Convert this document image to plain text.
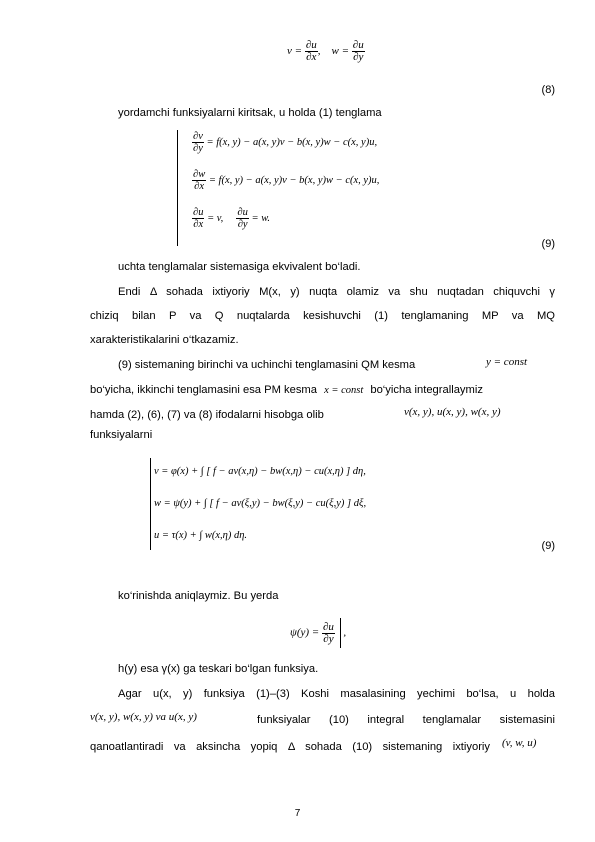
$v = \frac{\partial u}{\partial x}$ ,    $w = \frac{\partial u}{\partial y}$
(8)
yordamchi funksiyalarni kiritsak, u holda (1) tenglama
$\frac{\partial v}{\partial y} = f(x$, y) − a(x, y)v − b(x, y)w − c(x, y)u,
$\frac{\partial w}{\partial x} = f(x$, y) − a(x, y)v − b(x, y)w − c(x, y)u,
$\frac{\partial u}{\partial x} = v$, $\frac{\partial u}{\partial y} = w$.
(9)
uchta tenglamalar sistemasiga ekvivalent bo‘ladi.
Endi Δ sohada ixtiyoriy M(x, y) nuqta olamiz va shu nuqtadan chiquvchi γ
chiziq bilan P va Q nuqtalarda kesishuvchi (1) tenglamaning MP va MQ
xarakteristikalarini o‘tkazamiz.
(9) sistemaning birinchi va uchinchi tenglamasini QM kesma	y = const
bo‘yicha, ikkinchi tenglamasini esa PM kesma x = const bo‘yicha integrallaymiz
hamda (2), (6), (7) va (8) ifodalarni hisobga olib	v(x, y), u(x, y), w(x, y)
funksiyalarni
v = φ(x) + ∫ [ f − av(x,η) − bw(x,η) − cu(x,η) ] dη,
w = ψ(y) + ∫ [ f − av(ξ,y) − bw(ξ,y) − cu(ξ,y) ] dξ,
u = τ(x) + ∫ w(x,η) dη.
(9)
ko‘rinishda aniqlaymiz. Bu yerda
$\psi(y) = \frac{\partial u}{\partial y}$ ,
h(y) esa γ(x) ga teskari bo‘lgan funksiya.
Agar u(x, y) funksiya (1)–(3) Koshi masalasining yechimi bo‘lsa, u holda
v(x, y), w(x, y) va u(x, y)	funksiyalar (10) integral tenglamalar sistemasini
qanoatlantiradi va aksincha yopiq Δ sohada (10) sistemaning ixtiyoriy (v, w, u)
7
